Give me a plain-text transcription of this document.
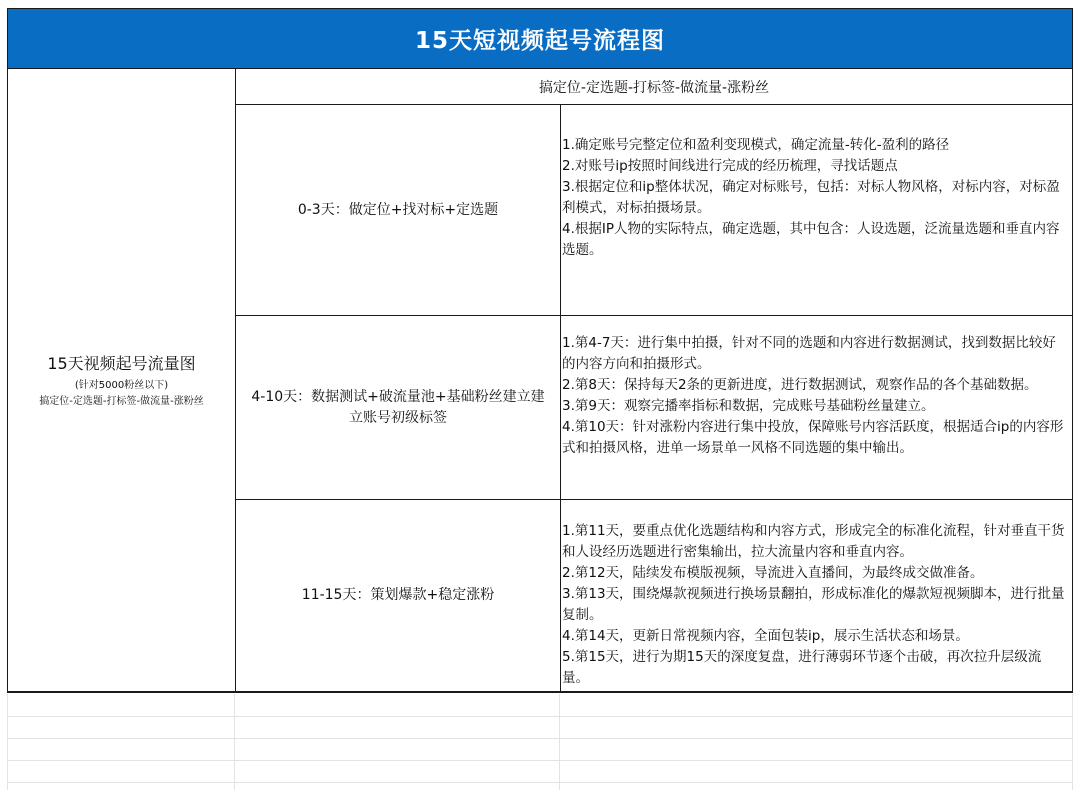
15天短视频起号流程图
15天视频起号流量图
(针对5000粉丝以下)
搞定位-定选题-打标签-做流量-涨粉丝
搞定位-定选题-打标签-做流量-涨粉丝
0-3天：做定位+找对标+定选题
1.确定账号完整定位和盈利变现模式，确定流量-转化-盈利的路径
2.对账号ip按照时间线进行完成的经历梳理，寻找话题点
3.根据定位和ip整体状况，确定对标账号，包括：对标人物风格，对标内容，对标盈利模式，对标拍摄场景。
4.根据IP人物的实际特点，确定选题，其中包含：人设选题，泛流量选题和垂直内容选题。
4-10天：数据测试+破流量池+基础粉丝建立建立账号初级标签
1.第4-7天：进行集中拍摄，针对不同的选题和内容进行数据测试，找到数据比较好的内容方向和拍摄形式。
2.第8天：保持每天2条的更新进度，进行数据测试，观察作品的各个基础数据。
3.第9天：观察完播率指标和数据，完成账号基础粉丝量建立。
4.第10天：针对涨粉内容进行集中投放，保障账号内容活跃度，根据适合ip的内容形式和拍摄风格，进单一场景单一风格不同选题的集中输出。
11-15天：策划爆款+稳定涨粉
1.第11天，要重点优化选题结构和内容方式，形成完全的标准化流程，针对垂直干货和人设经历选题进行密集输出，拉大流量内容和垂直内容。
2.第12天，陆续发布模版视频，导流进入直播间，为最终成交做准备。
3.第13天，围绕爆款视频进行换场景翻拍，形成标准化的爆款短视频脚本，进行批量复制。
4.第14天，更新日常视频内容，全面包装ip，展示生活状态和场景。
5.第15天，进行为期15天的深度复盘，进行薄弱环节逐个击破，再次拉升层级流量。
